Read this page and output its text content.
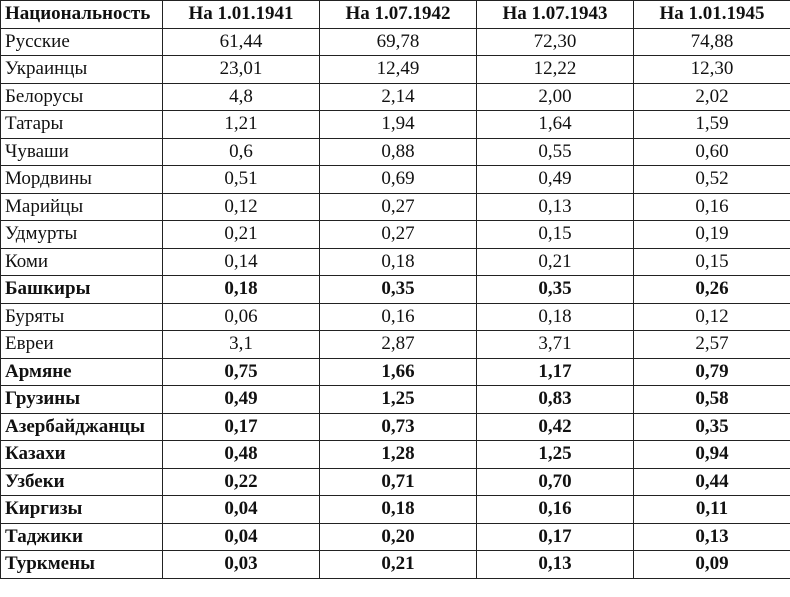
Национальность	На 1.01.1941	На 1.07.1942	На 1.07.1943	На 1.01.1945
Русские	61,44	69,78	72,30	74,88
Украинцы	23,01	12,49	12,22	12,30
Белорусы	4,8	2,14	2,00	2,02
Татары	1,21	1,94	1,64	1,59
Чуваши	0,6	0,88	0,55	0,60
Мордвины	0,51	0,69	0,49	0,52
Марийцы	0,12	0,27	0,13	0,16
Удмурты	0,21	0,27	0,15	0,19
Коми	0,14	0,18	0,21	0,15
Башкиры	0,18	0,35	0,35	0,26
Буряты	0,06	0,16	0,18	0,12
Евреи	3,1	2,87	3,71	2,57
Армяне	0,75	1,66	1,17	0,79
Грузины	0,49	1,25	0,83	0,58
Азербайджанцы	0,17	0,73	0,42	0,35
Казахи	0,48	1,28	1,25	0,94
Узбеки	0,22	0,71	0,70	0,44
Киргизы	0,04	0,18	0,16	0,11
Таджики	0,04	0,20	0,17	0,13
Туркмены	0,03	0,21	0,13	0,09
